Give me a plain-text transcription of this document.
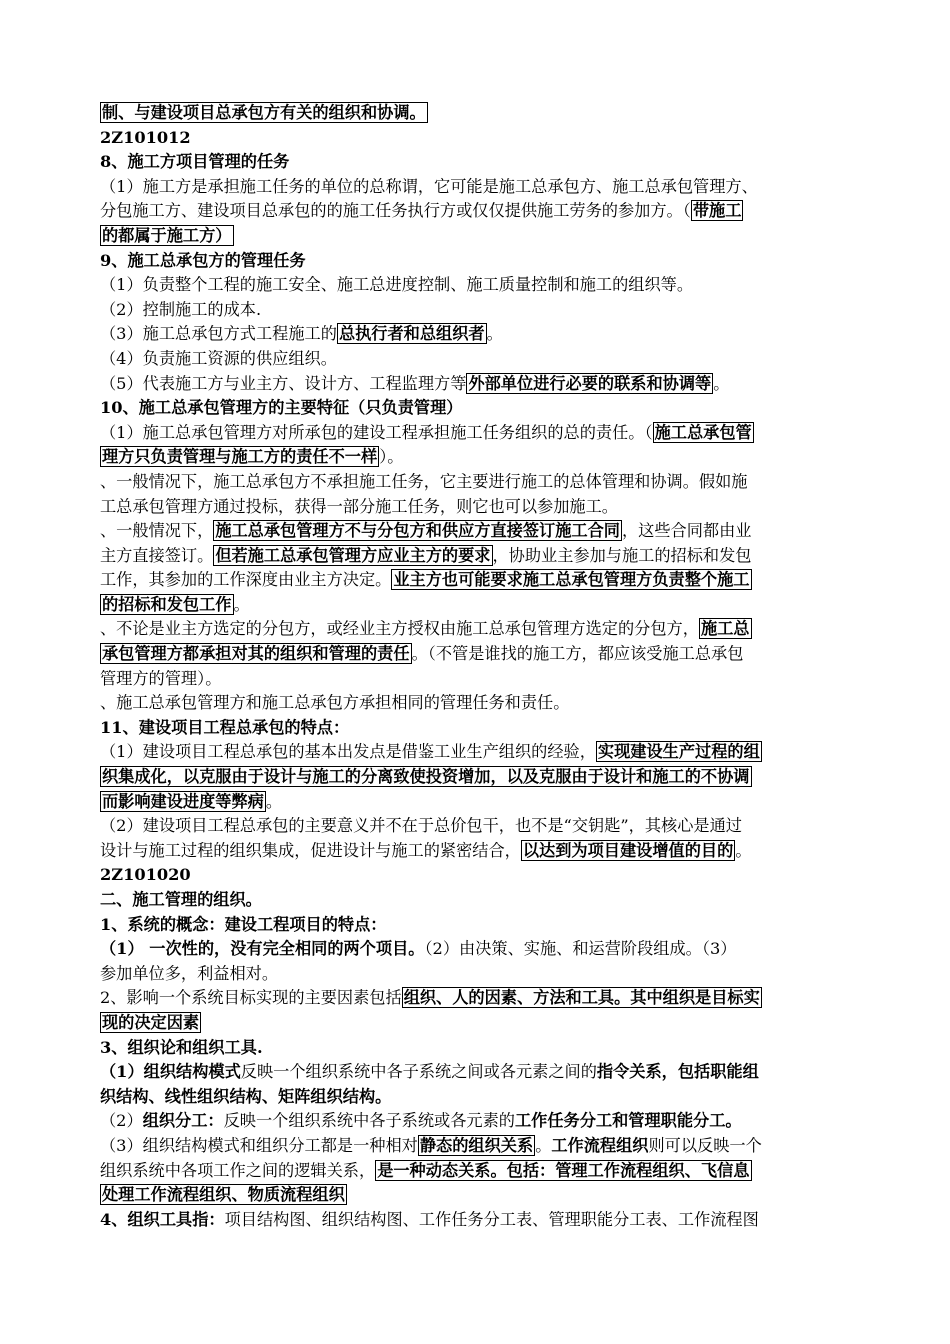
制、与建设项目总承包方有关的组织和协调。
2Z101012
8、施工方项目管理的任务
（1）施工方是承担施工任务的单位的总称谓，它可能是施工总承包方、施工总承包管理方、
分包施工方、建设项目总承包的的施工任务执行方或仅仅提供施工劳务的参加方。（ 带施工
的都属于施工方）
9、施工总承包方的管理任务
（1）负责整个工程的施工安全、施工总进度控制、施工质量控制和施工的组织等。
（2）控制施工的成本.
（3）施工总承包方式工程施工的 总执行者和总组织者 。
（4）负责施工资源的供应组织。
（5）代表施工方与业主方、设计方、工程监理方等 外部单位进行必要的联系和协调等 。
10、施工总承包管理方的主要特征（只负责管理）
（1）施工总承包管理方对所承包的建设工程承担施工任务组织的总的责任。（ 施工总承包管
理方只负责管理与施工方的责任不一样 ）。
、一般情况下，施工总承包方不承担施工任务，它主要进行施工的总体管理和协调。假如施
工总承包管理方通过投标，获得一部分施工任务，则它也可以参加施工。
、一般情况下， 施工总承包管理方不与分包方和供应方直接签订施工合同 ，这些合同都由业
主方直接签订。 但若施工总承包管理方应业主方的要求 ，协助业主参加与施工的招标和发包
工作，其参加的工作深度由业主方决定。 业主方也可能要求施工总承包管理方负责整个施工
的招标和发包工作 。
、不论是业主方选定的分包方，或经业主方授权由施工总承包管理方选定的分包方， 施工总
承包管理方都承担对其的组织和管理的责任 。（不管是谁找的施工方，都应该受施工总承包
管理方的管理）。
、施工总承包管理方和施工总承包方承担相同的管理任务和责任。
11、建设项目工程总承包的特点：
（1）建设项目工程总承包的基本出发点是借鉴工业生产组织的经验， 实现建设生产过程的组
织集成化，以克服由于设计与施工的分离致使投资增加，以及克服由于设计和施工的不协调
而影响建设进度等弊病 。
（2）建设项目工程总承包的主要意义并不在于总价包干，也不是“交钥匙”，其核心是通过
设计与施工过程的组织集成，促进设计与施工的紧密结合， 以达到为项目建设增值的目的 。
2Z101020
二、施工管理的组织。
1、系统的概念：建设工程项目的特点：
（1） 一次性的，没有完全相同的两个项目。（2）由决策、实施、和运营阶段组成。（3）
参加单位多，利益相对。
2、影响一个系统目标实现的主要因素包括 组织、人的因素、方法和工具。其中组织是目标实
现的决定因素
3、组织论和组织工具.
（1）组织结构模式反映一个组织系统中各子系统之间或各元素之间的指令关系，包括职能组
织结构、线性组织结构、矩阵组织结构。
（2）组织分工：反映一个组织系统中各子系统或各元素的工作任务分工和管理职能分工。
（3）组织结构模式和组织分工都是一种相对 静态的组织关系 。工作流程组织则可以反映一个
组织系统中各项工作之间的逻辑关系， 是一种动态关系。包括：管理工作流程组织、飞信息
处理工作流程组织、物质流程组织
4、组织工具指：项目结构图、组织结构图、工作任务分工表、管理职能分工表、工作流程图
